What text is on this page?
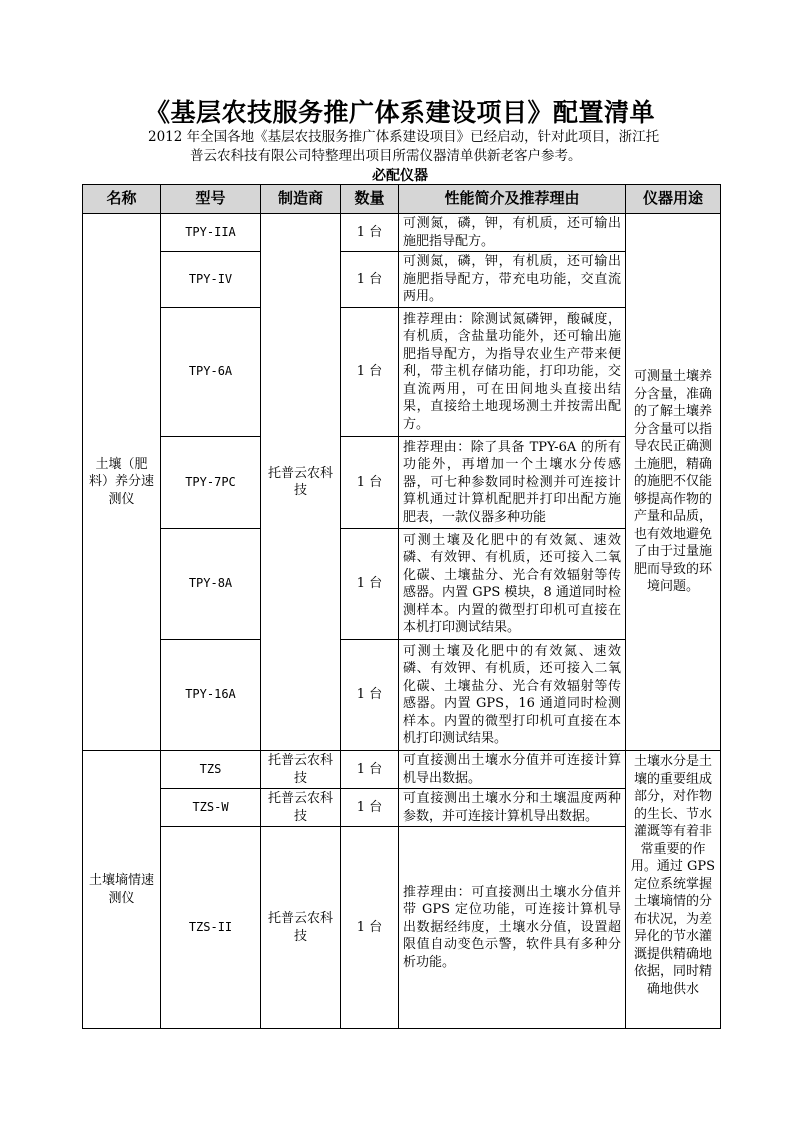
《基层农技服务推广体系建设项目》配置清单

2012 年全国各地《基层农技服务推广体系建设项目》已经启动，针对此项目，浙江托

普云农科技有限公司特整理出项目所需仪器清单供新老客户参考。

必配仪器
名称	型号	制造商	数量	性能简介及推荐理由	仪器用途
土壤（肥料）养分速测仪	TPY-IIA	托普云农科技	1 台	可测氮，磷，钾，有机质，还可输出施肥指导配方。	可测量土壤养分含量，准确的了解土壤养分含量可以指导农民正确测土施肥，精确的施肥不仅能够提高作物的产量和品质，也有效地避免了由于过量施肥而导致的环境问题。
	TPY-IV		1 台	可测氮，磷，钾，有机质，还可输出施肥指导配方，带充电功能，交直流两用。	
	TPY-6A		1 台	推荐理由：除测试氮磷钾，酸碱度，有机质，含盐量功能外，还可输出施肥指导配方，为指导农业生产带来便利，带主机存储功能，打印功能，交直流两用，可在田间地头直接出结果，直接给土地现场测土并按需出配方。	
	TPY-7PC		1 台	推荐理由：除了具备 TPY-6A 的所有功能外，再增加一个土壤水分传感器，可七种参数同时检测并可连接计算机通过计算机配肥并打印出配方施肥表，一款仪器多种功能	
	TPY-8A		1 台	可测土壤及化肥中的有效氮、速效磷、有效钾、有机质，还可接入二氧化碳、土壤盐分、光合有效辐射等传感器。内置 GPS 模块，8 通道同时检测样本。内置的微型打印机可直接在本机打印测试结果。	
	TPY-16A		1 台	可测土壤及化肥中的有效氮、速效磷、有效钾、有机质，还可接入二氧化碳、土壤盐分、光合有效辐射等传感器。内置 GPS，16 通道同时检测样本。内置的微型打印机可直接在本机打印测试结果。	
土壤墒情速测仪	TZS	托普云农科技	1 台	可直接测出土壤水分值并可连接计算机导出数据。	土壤水分是土壤的重要组成部分，对作物的生长、节水灌溉等有着非常重要的作用。通过 GPS 定位系统掌握土壤墒情的分布状况，为差异化的节水灌溉提供精确地依据，同时精确地供水

	TZS-W	托普云农科技	1 台	可直接测出土壤水分和土壤温度两种参数，并可连接计算机导出数据。	
	TZS-II	托普云农科技	1 台	推荐理由：可直接测出土壤水分值并带 GPS 定位功能，可连接计算机导出数据经纬度，土壤水分值，设置超限值自动变色示警，软件具有多种分析功能。	
